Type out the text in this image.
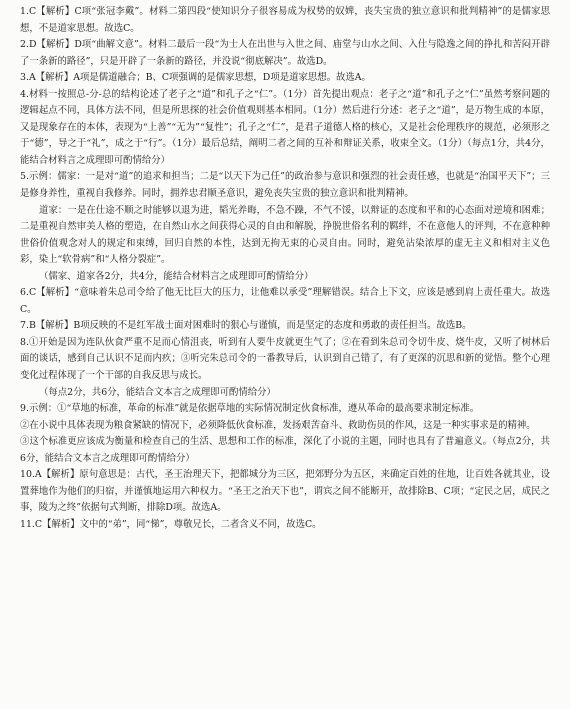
1.C【解析】C项“张冠李戴”。材料二第四段“使知识分子很容易成为权势的奴婢，丧失宝贵的独立意识和批判精神”的是儒家思想，不是道家思想。故选C。

2.D【解析】D项“曲解文意”。材料二最后一段“为士人在出世与入世之间、庙堂与山水之间、入仕与隐逸之间的挣扎和苦闷开辟了一条新的路径”，只是开辟了一条新的路径，并没说“彻底解决”。故选D。

3.A【解析】A项是儒道融合；B、C项强调的是儒家思想，D项是道家思想。故选A。

4.材料一按照总-分-总的结构论述了老子之“道”和孔子之“仁”。（1分）首先提出观点：老子之“道”和孔子之“仁”虽然考察问题的逻辑起点不同，具体方法不同，但是所思探的社会价值观则基本相同。（1分）然后进行分述：老子之“道”，是万物生成的本原，又是现象存在的本体，表现为“上善”“无为”“复性”；孔子之“仁”，是君子道德人格的核心，又是社会伦理秩序的规范，必须形之于“德”，导之于“礼”，成之于“行”。（1分）最后总结，阐明二者之间的互补和辩证关系，收束全文。（1分）（每点1分，共4分，能结合材料言之成理即可酌情给分）

5.示例：儒家：一是对“道”的追求和担当；二是“以天下为己任”的政治参与意识和强烈的社会责任感，也就是“治国平天下”；三是修身养性，重视自我修养。同时，拥养忠君顺圣意识，避免丧失宝贵的独立意识和批判精神。

道家：一是在仕途不顺之时能够以退为进，韬光养晦，不急不躁，不气不馁，以辩证的态度和平和的心态面对逆境和困难；二是重视自然审美人格的塑造，在自然山水之间获得心灵的自由和解脱，挣脱世俗名利的羁绊，不在意他人的评判，不在意种种世俗价值观念对人的规定和束缚，回归自然的本性，达到无拘无束的心灵自由。同时，避免沾染浓厚的虚无主义和相对主义色彩，染上“软骨病”和“人格分裂症”。

（儒家、道家各2分，共4分，能结合材料言之成理即可酌情给分）

6.C【解析】“意味着朱总司令给了他无比巨大的压力，让他难以承受”理解错误。结合上下文，应该是感到肩上责任重大。故选C。

7.B【解析】B项反映的不是红军战士面对困难时的狠心与谨慎，而是坚定的态度和勇敢的责任担当。故选B。

8.①开始是因为连队伙食严重不足而心情沮丧，听到有人要牛皮就更生气了；②在看到朱总司令切牛皮、烧牛皮，又听了树林后面的谈话，感到自己认识不足而内疚；③听完朱总司令的一番教导后，认识到自己错了，有了更深的沉思和新的觉悟。整个心理变化过程体现了一个干部的自我反思与成长。

（每点2分，共6分，能结合文本言之成理即可酌情给分）

9.示例：①“草地的标准，革命的标准”就是依据草地的实际情况制定伙食标准，遵从革命的最高要求制定标准。

②在小说中具体表现为粮食紧缺的情况下，必须降低伙食标准，发扬艰苦奋斗、救助伤员的作风，这是一种实事求是的精神。

③这个标准更应该成为衡量和检查自己的生活、思想和工作的标准，深化了小说的主题，同时也具有了普遍意义。（每点2分，共6分，能结合文本言之成理即可酌情给分）

10.A【解析】原句意思是：古代，圣王治理天下，把都城分为三区，把郊野分为五区，来确定百姓的住地，让百姓各就其业，设置葬地作为他们的归宿，并谨慎地运用六种权力。“圣王之治天下也”，谓宾之间不能断开，故排除B、C项；“定民之居，成民之事，陵为之终”依据句式判断，排除D项。故选A。

11.C【解析】文中的“弟”，同“悌”，尊敬兄长，二者含义不同，故选C。
